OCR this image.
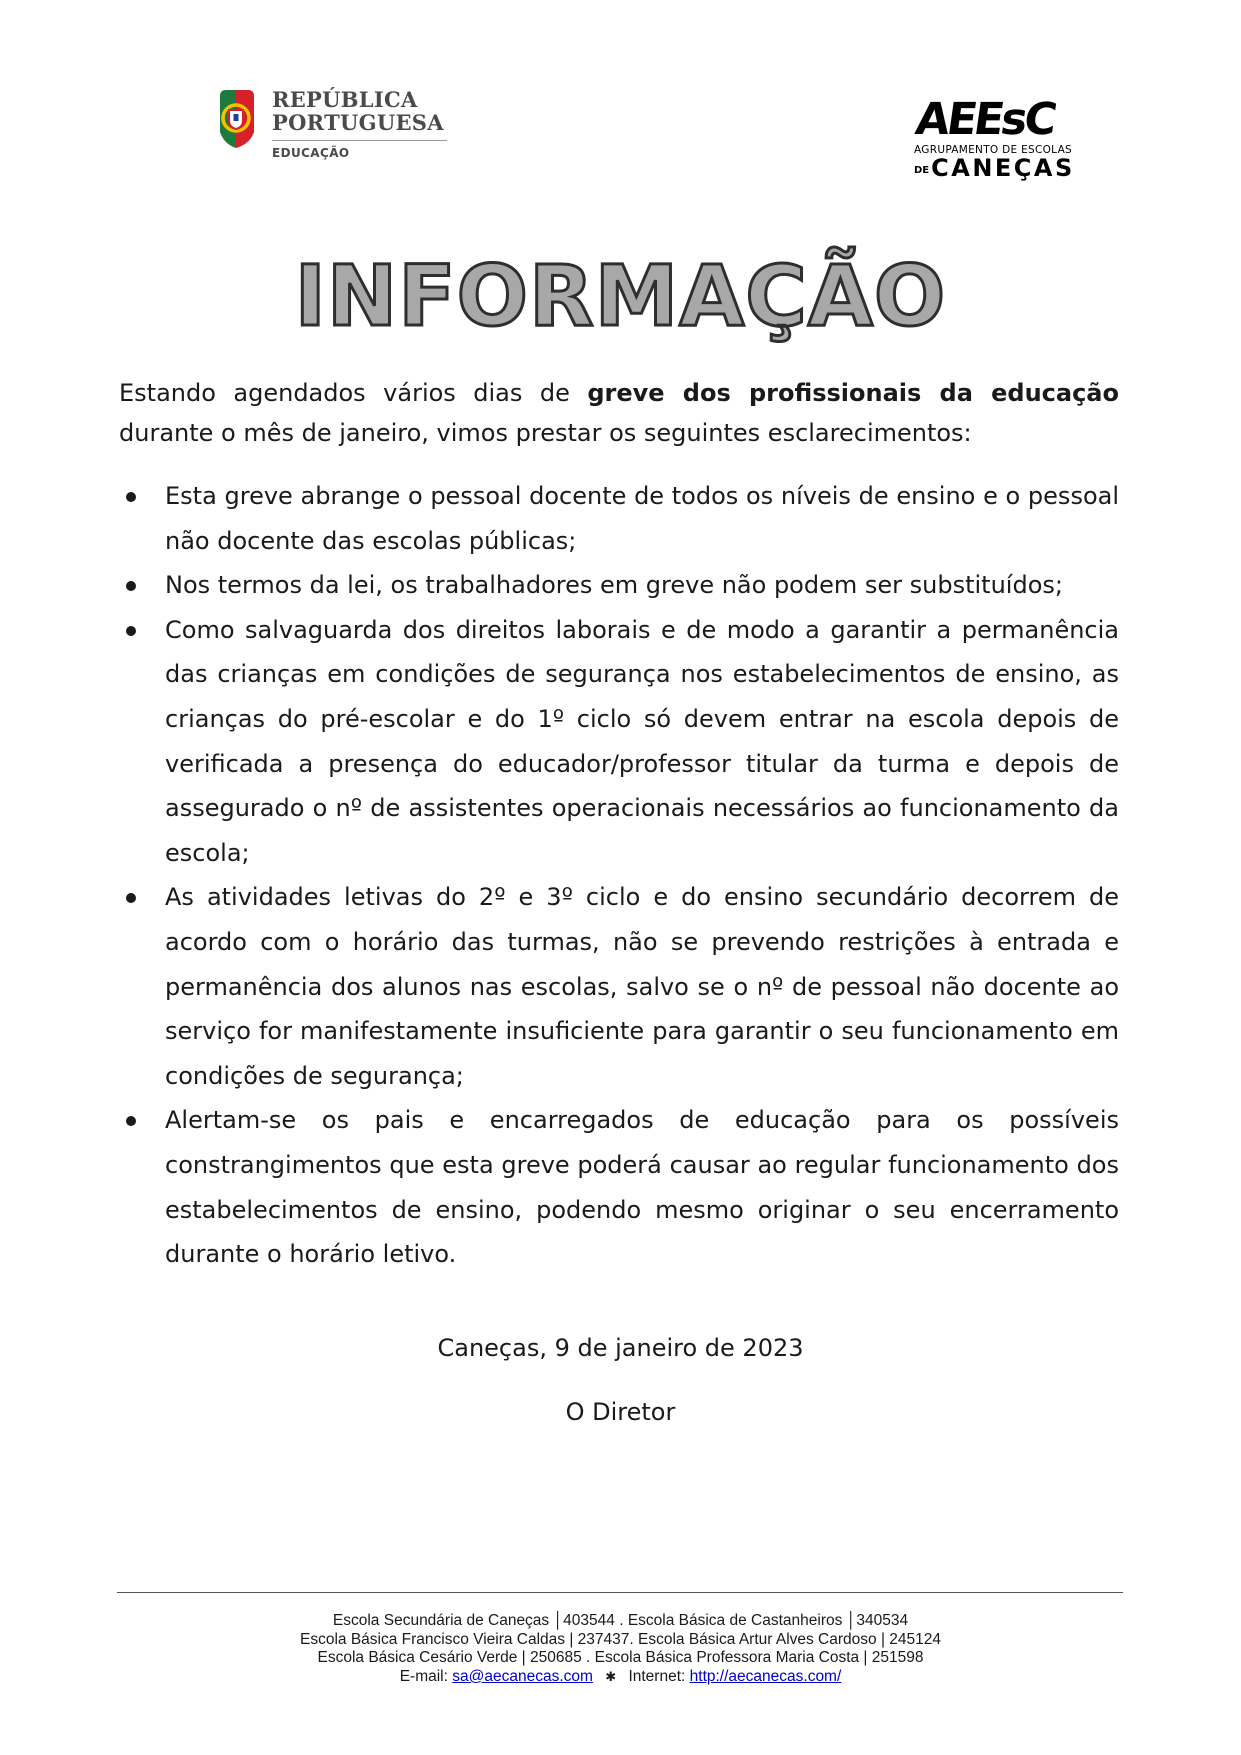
REPÚBLICA
PORTUGUESA
EDUCAÇÃO
AEEsC
AGRUPAMENTO DE ESCOLAS
DE CANEÇAS
INFORMAÇÃO

Estando agendados vários dias de greve dos profissionais da educação durante o mês de janeiro, vimos prestar os seguintes esclarecimentos:

Esta greve abrange o pessoal docente de todos os níveis de ensino e o pessoal não docente das escolas públicas;
Nos termos da lei, os trabalhadores em greve não podem ser substituídos;
Como salvaguarda dos direitos laborais e de modo a garantir a permanência das crianças em condições de segurança nos estabelecimentos de ensino, as crianças do pré-escolar e do 1º ciclo só devem entrar na escola depois de verificada a presença do educador/professor titular da turma e depois de assegurado o nº de assistentes operacionais necessários ao funcionamento da escola;
As atividades letivas do 2º e 3º ciclo e do ensino secundário decorrem de acordo com o horário das turmas, não se prevendo restrições à entrada e permanência dos alunos nas escolas, salvo se o nº de pessoal não docente ao serviço for manifestamente insuficiente para garantir o seu funcionamento em condições de segurança;
Alertam-se os pais e encarregados de educação para os possíveis constrangimentos que esta greve poderá causar ao regular funcionamento dos estabelecimentos de ensino, podendo mesmo originar o seu encerramento durante o horário letivo.
Caneças, 9 de janeiro de 2023
O Diretor
Escola Secundária de Caneças │403544 . Escola Básica de Castanheiros │340534
Escola Básica Francisco Vieira Caldas | 237437. Escola Básica Artur Alves Cardoso | 245124
Escola Básica Cesário Verde | 250685 . Escola Básica Professora Maria Costa | 251598
E-mail: sa@aecanecas.com ✱ Internet: http://aecanecas.com/
